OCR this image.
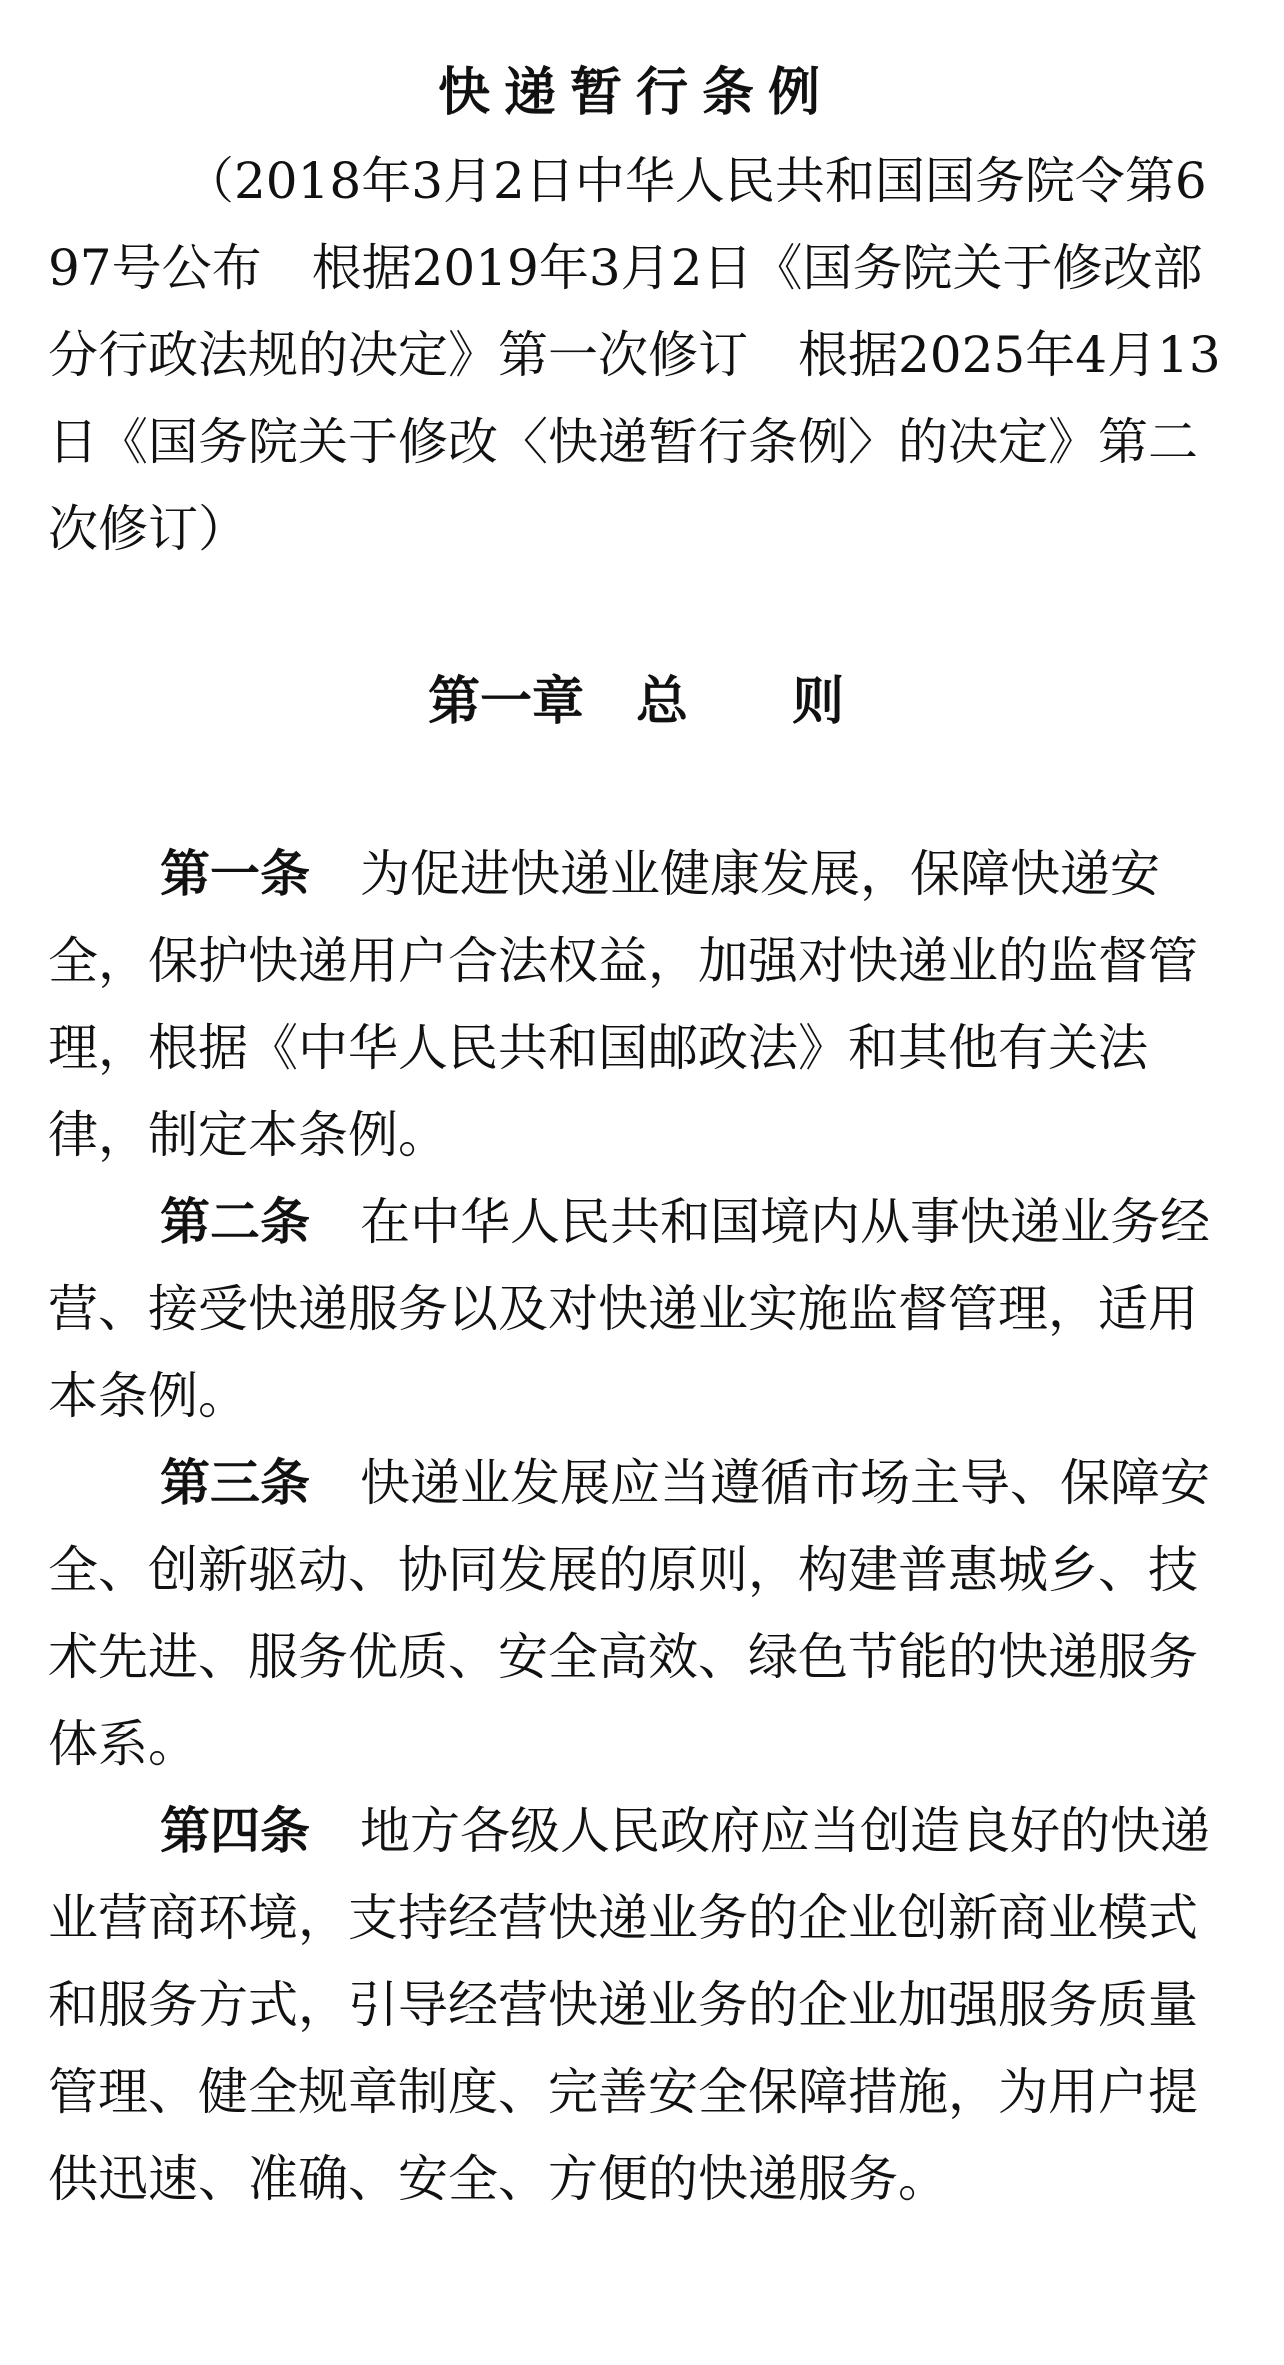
快递暂行条例

（2018年3月2日中华人民共和国国务院令第697号公布　根据2019年3月2日《国务院关于修改部分行政法规的决定》第一次修订　根据2025年4月13日《国务院关于修改〈快递暂行条例〉的决定》第二次修订）

第一章　总　　则

第一条 为促进快递业健康发展，保障快递安全，保护快递用户合法权益，加强对快递业的监督管理，根据《中华人民共和国邮政法》和其他有关法律，制定本条例。

第二条 在中华人民共和国境内从事快递业务经营、接受快递服务以及对快递业实施监督管理，适用本条例。

第三条 快递业发展应当遵循市场主导、保障安全、创新驱动、协同发展的原则，构建普惠城乡、技术先进、服务优质、安全高效、绿色节能的快递服务体系。

第四条 地方各级人民政府应当创造良好的快递业营商环境，支持经营快递业务的企业创新商业模式和服务方式，引导经营快递业务的企业加强服务质量管理、健全规章制度、完善安全保障措施，为用户提供迅速、准确、安全、方便的快递服务。
